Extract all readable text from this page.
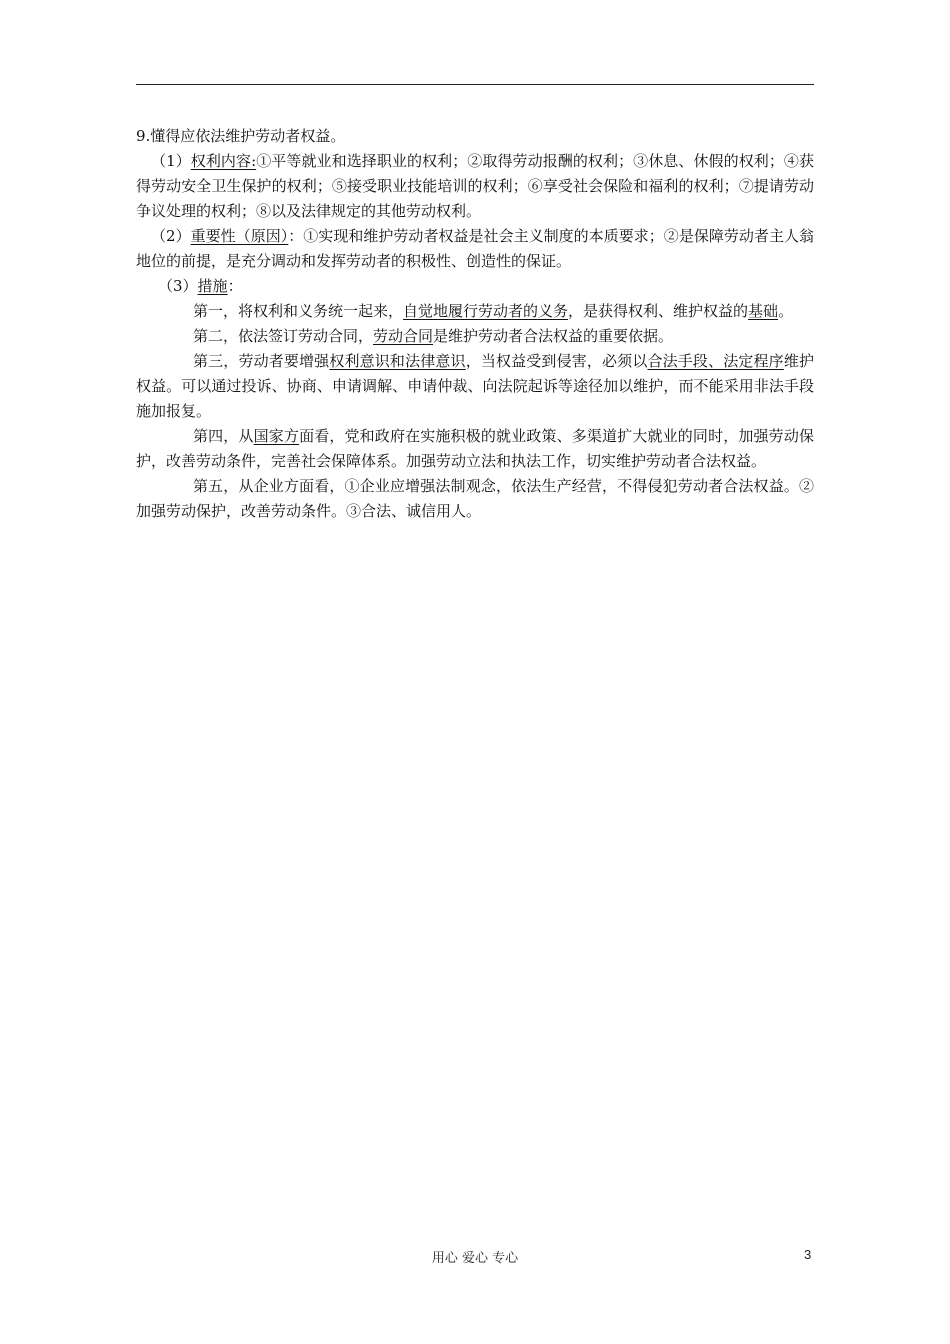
9.懂得应依法维护劳动者权益。

（1）权利内容:①平等就业和选择职业的权利；②取得劳动报酬的权利；③休息、休假的权利；④获得劳动安全卫生保护的权利；⑤接受职业技能培训的权利；⑥享受社会保险和福利的权利；⑦提请劳动争议处理的权利；⑧以及法律规定的其他劳动权利。

（2）重要性（原因）：①实现和维护劳动者权益是社会主义制度的本质要求；②是保障劳动者主人翁地位的前提，是充分调动和发挥劳动者的积极性、创造性的保证。

（3）措施：

第一，将权利和义务统一起来，自觉地履行劳动者的义务，是获得权利、维护权益的基础。

第二，依法签订劳动合同，劳动合同是维护劳动者合法权益的重要依据。

第三，劳动者要增强权利意识和法律意识，当权益受到侵害，必须以合法手段、法定程序维护权益。可以通过投诉、协商、申请调解、申请仲裁、向法院起诉等途径加以维护，而不能采用非法手段施加报复。

第四，从国家方面看，党和政府在实施积极的就业政策、多渠道扩大就业的同时，加强劳动保护，改善劳动条件，完善社会保障体系。加强劳动立法和执法工作，切实维护劳动者合法权益。

第五，从企业方面看，①企业应增强法制观念，依法生产经营，不得侵犯劳动者合法权益。②加强劳动保护，改善劳动条件。③合法、诚信用人。

用心 爱心 专心	3
